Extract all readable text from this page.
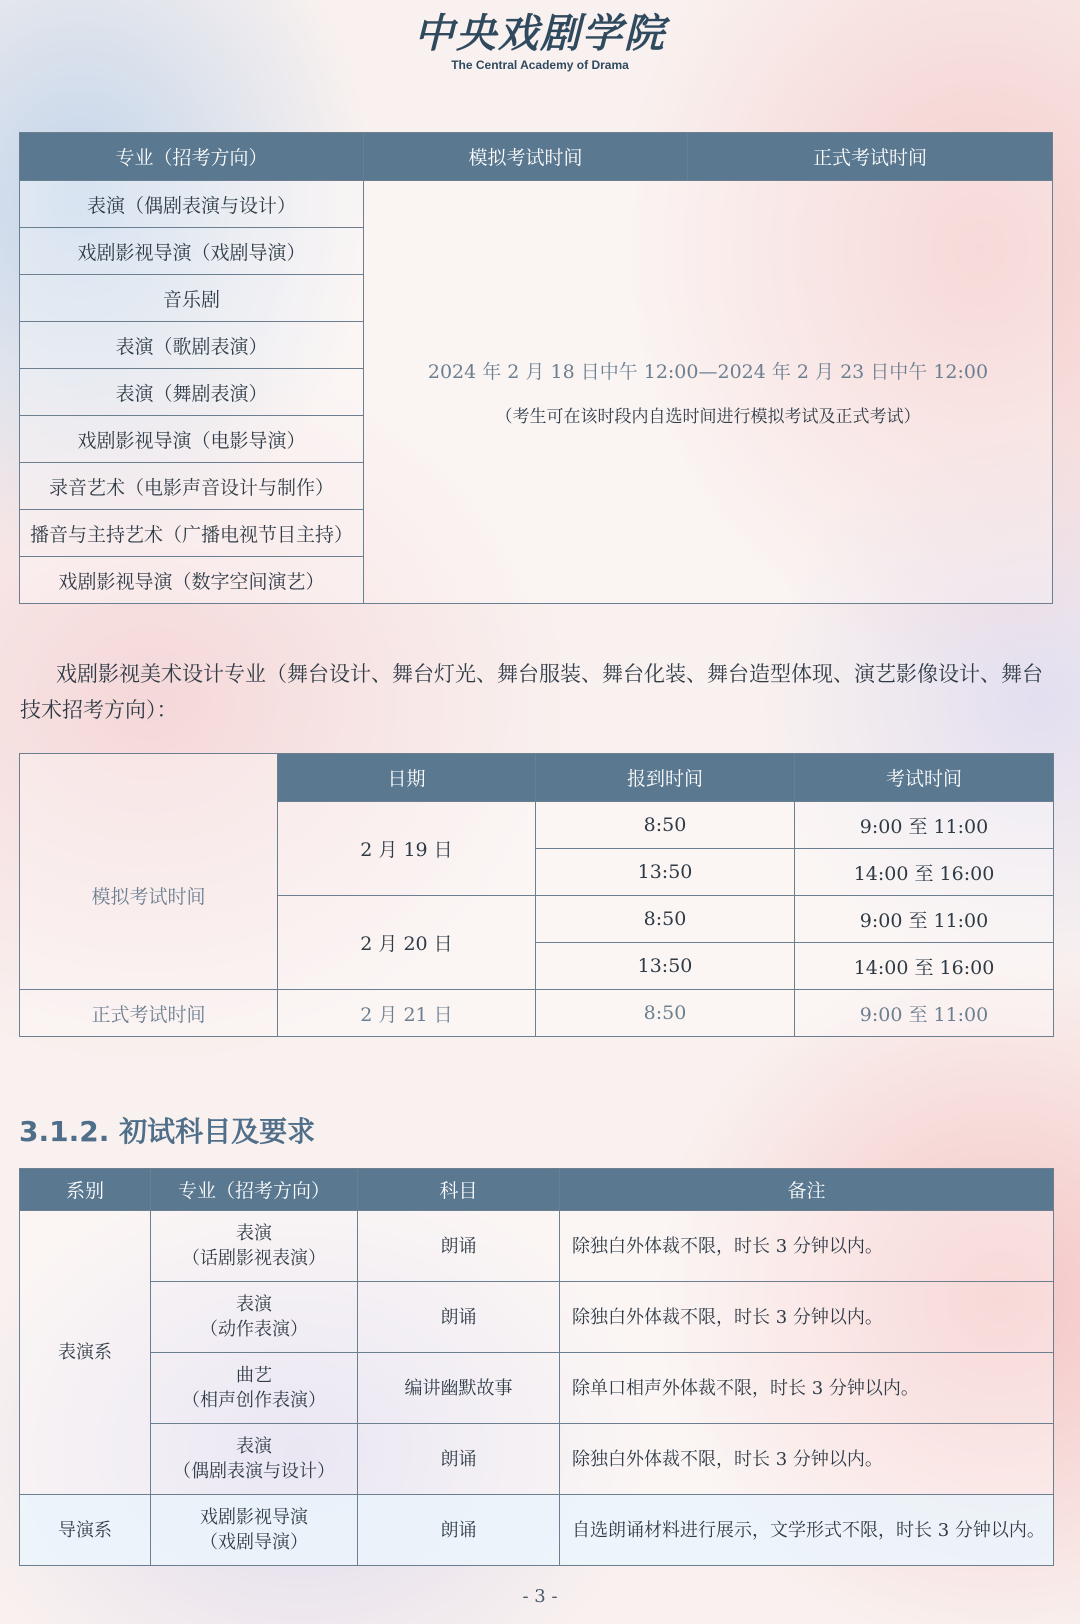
中央戏剧学院
The Central Academy of Drama
专业（招考方向）	模拟考试时间	正式考试时间
表演（偶剧表演与设计）	2024 年 2 月 18 日中午 12:00—2024 年 2 月 23 日中午 12:00
（考生可在该时段内自选时间进行模拟考试及正式考试）	

戏剧影视导演（戏剧导演）		
音乐剧		
表演（歌剧表演）		
表演（舞剧表演）		
戏剧影视导演（电影导演）		
录音艺术（电影声音设计与制作）		
播音与主持艺术（广播电视节目主持）		
戏剧影视导演（数字空间演艺）		
戏剧影视美术设计专业（舞台设计、舞台灯光、舞台服装、舞台化装、舞台造型体现、演艺影像设计、舞台技术招考方向）：
	日期	报到时间	考试时间
模拟考试时间	2 月 19 日	8:50	9:00 至 11:00
		13:50	14:00 至 16:00
	2 月 20 日	8:50	9:00 至 11:00
		13:50	14:00 至 16:00
正式考试时间	2 月 21 日	8:50	9:00 至 11:00
3.1.2. 初试科目及要求
系别	专业（招考方向）	科目	备注
表演系	表演
（话剧影视表演）	朗诵	除独白外体裁不限，时长 3 分钟以内。

	表演
（动作表演）	朗诵	除独白外体裁不限，时长 3 分钟以内。

	曲艺
（相声创作表演）	编讲幽默故事	除单口相声外体裁不限，时长 3 分钟以内。

	表演
（偶剧表演与设计）	朗诵	除独白外体裁不限，时长 3 分钟以内。
导演系	戏剧影视导演
（戏剧导演）	朗诵	自选朗诵材料进行展示，文学形式不限，时长 3 分钟以内。
- 3 -
